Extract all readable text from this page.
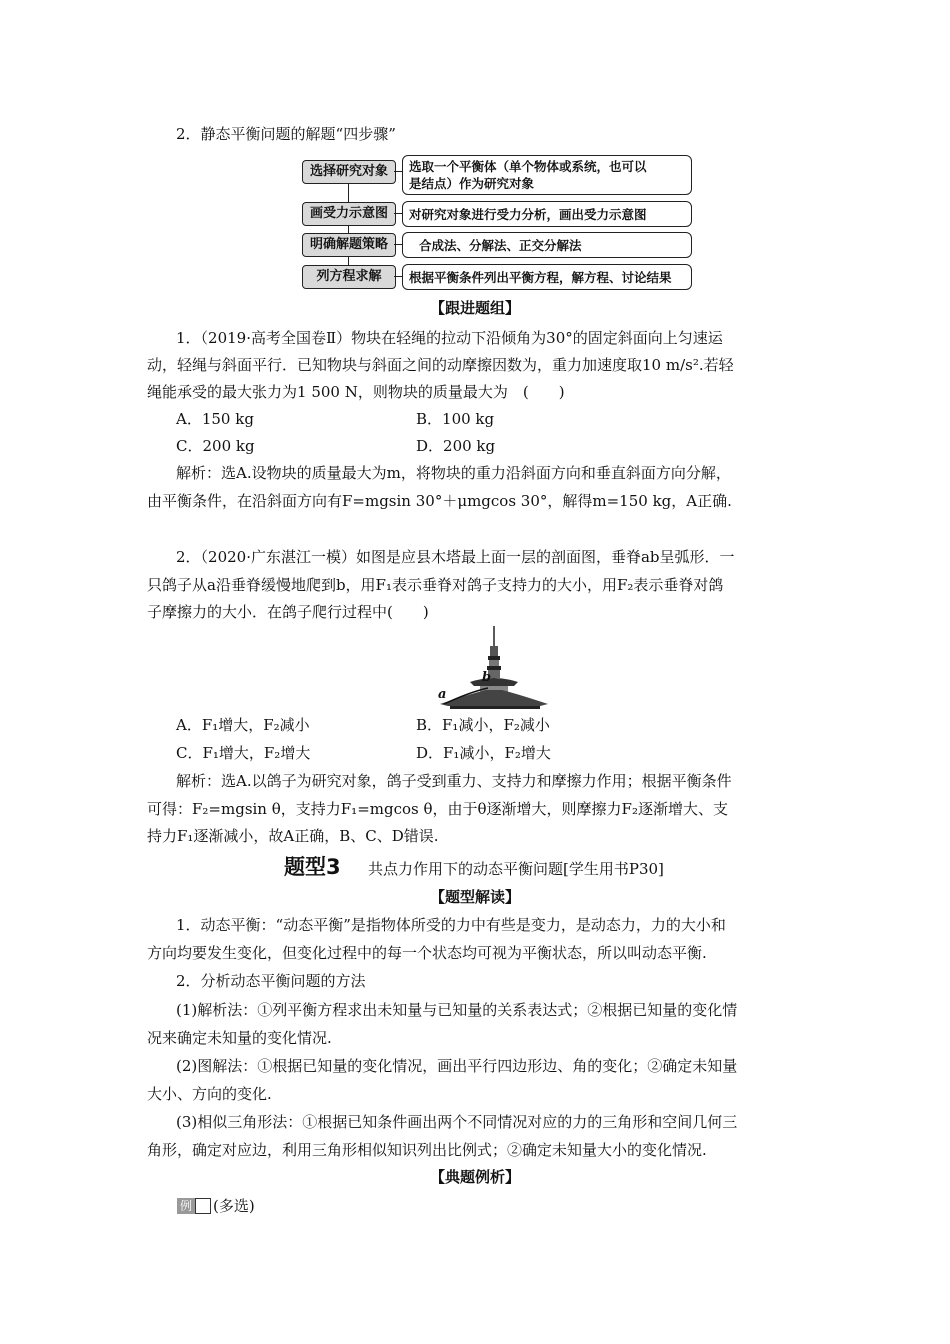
2．静态平衡问题的解题“四步骤”
选择研究对象	选取一个平衡体（单个物体或系统，也可以
是结点）作为研究对象
画受力示意图	对研究对象进行受力分析，画出受力示意图
明确解题策略	合成法、分解法、正交分解法
列方程求解	根据平衡条件列出平衡方程，解方程、讨论结果
【跟进题组】
1．（2019·高考全国卷Ⅱ）物块在轻绳的拉动下沿倾角为30°的固定斜面向上匀速运
动，轻绳与斜面平行．已知物块与斜面之间的动摩擦因数为，重力加速度取10 m/s².若轻
绳能承受的最大张力为1 500 N，则物块的质量最大为　(　　)
A．150 kg	B．100 kg
C．200 kg	D．200 kg
解析：选A.设物块的质量最大为m，将物块的重力沿斜面方向和垂直斜面方向分解，
由平衡条件，在沿斜面方向有F=mgsin 30°＋μmgcos 30°，解得m=150 kg，A正确.
2．（2020·广东湛江一模）如图是应县木塔最上面一层的剖面图，垂脊ab呈弧形．一
只鸽子从a沿垂脊缓慢地爬到b，用F₁表示垂脊对鸽子支持力的大小，用F₂表示垂脊对鸽
子摩擦力的大小．在鸽子爬行过程中(　　)
a
b
A．F₁增大，F₂减小	B．F₁减小，F₂减小
C．F₁增大，F₂增大	D．F₁减小，F₂增大
解析：选A.以鸽子为研究对象，鸽子受到重力、支持力和摩擦力作用；根据平衡条件
可得：F₂=mgsin θ，支持力F₁=mgcos θ，由于θ逐渐增大，则摩擦力F₂逐渐增大、支
持力F₁逐渐减小，故A正确，B、C、D错误.
题型3 共点力作用下的动态平衡问题[学生用书P30]
【题型解读】
1．动态平衡：“动态平衡”是指物体所受的力中有些是变力，是动态力，力的大小和
方向均要发生变化，但变化过程中的每一个状态均可视为平衡状态，所以叫动态平衡.
2．分析动态平衡问题的方法
(1)解析法：①列平衡方程求出未知量与已知量的关系表达式；②根据已知量的变化情
况来确定未知量的变化情况.
(2)图解法：①根据已知量的变化情况，画出平行四边形边、角的变化；②确定未知量
大小、方向的变化.
(3)相似三角形法：①根据已知条件画出两个不同情况对应的力的三角形和空间几何三
角形，确定对应边，利用三角形相似知识列出比例式；②确定未知量大小的变化情况.
【典题例析】
例 (多选)
